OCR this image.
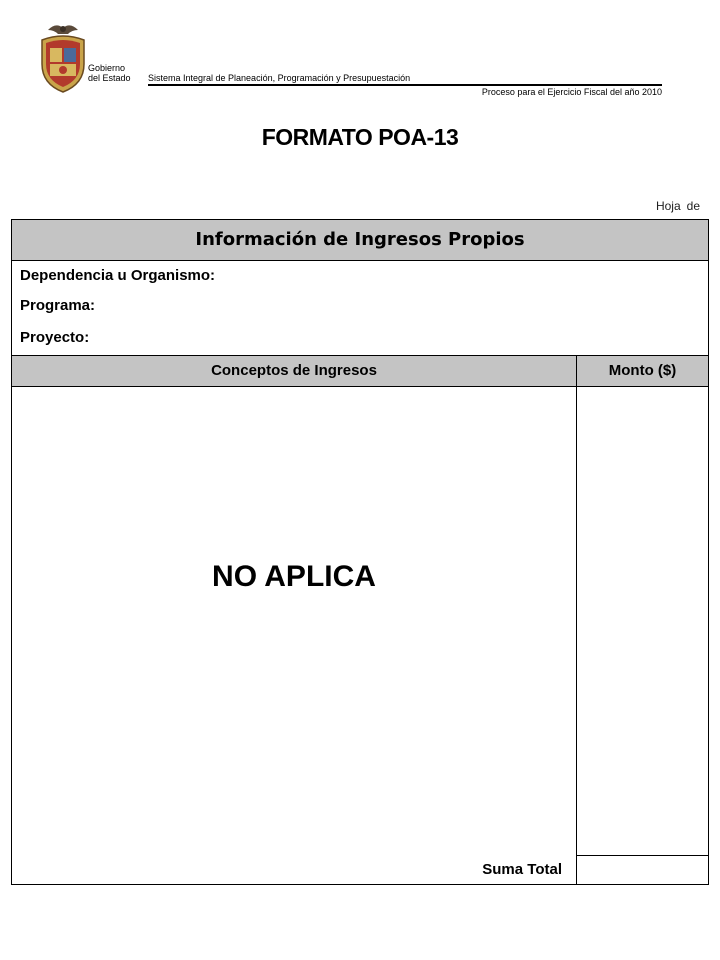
Gobierno
del Estado Sistema Integral de Planeación, Programación y Presupuestación
Proceso para el Ejercicio Fiscal del año 2010
FORMATO POA-13
Hoja de
Información de Ingresos Propios
Dependencia u Organismo:
Programa:
Proyecto:
Conceptos de Ingresos	Monto ($)
NO APLICA
Suma Total
